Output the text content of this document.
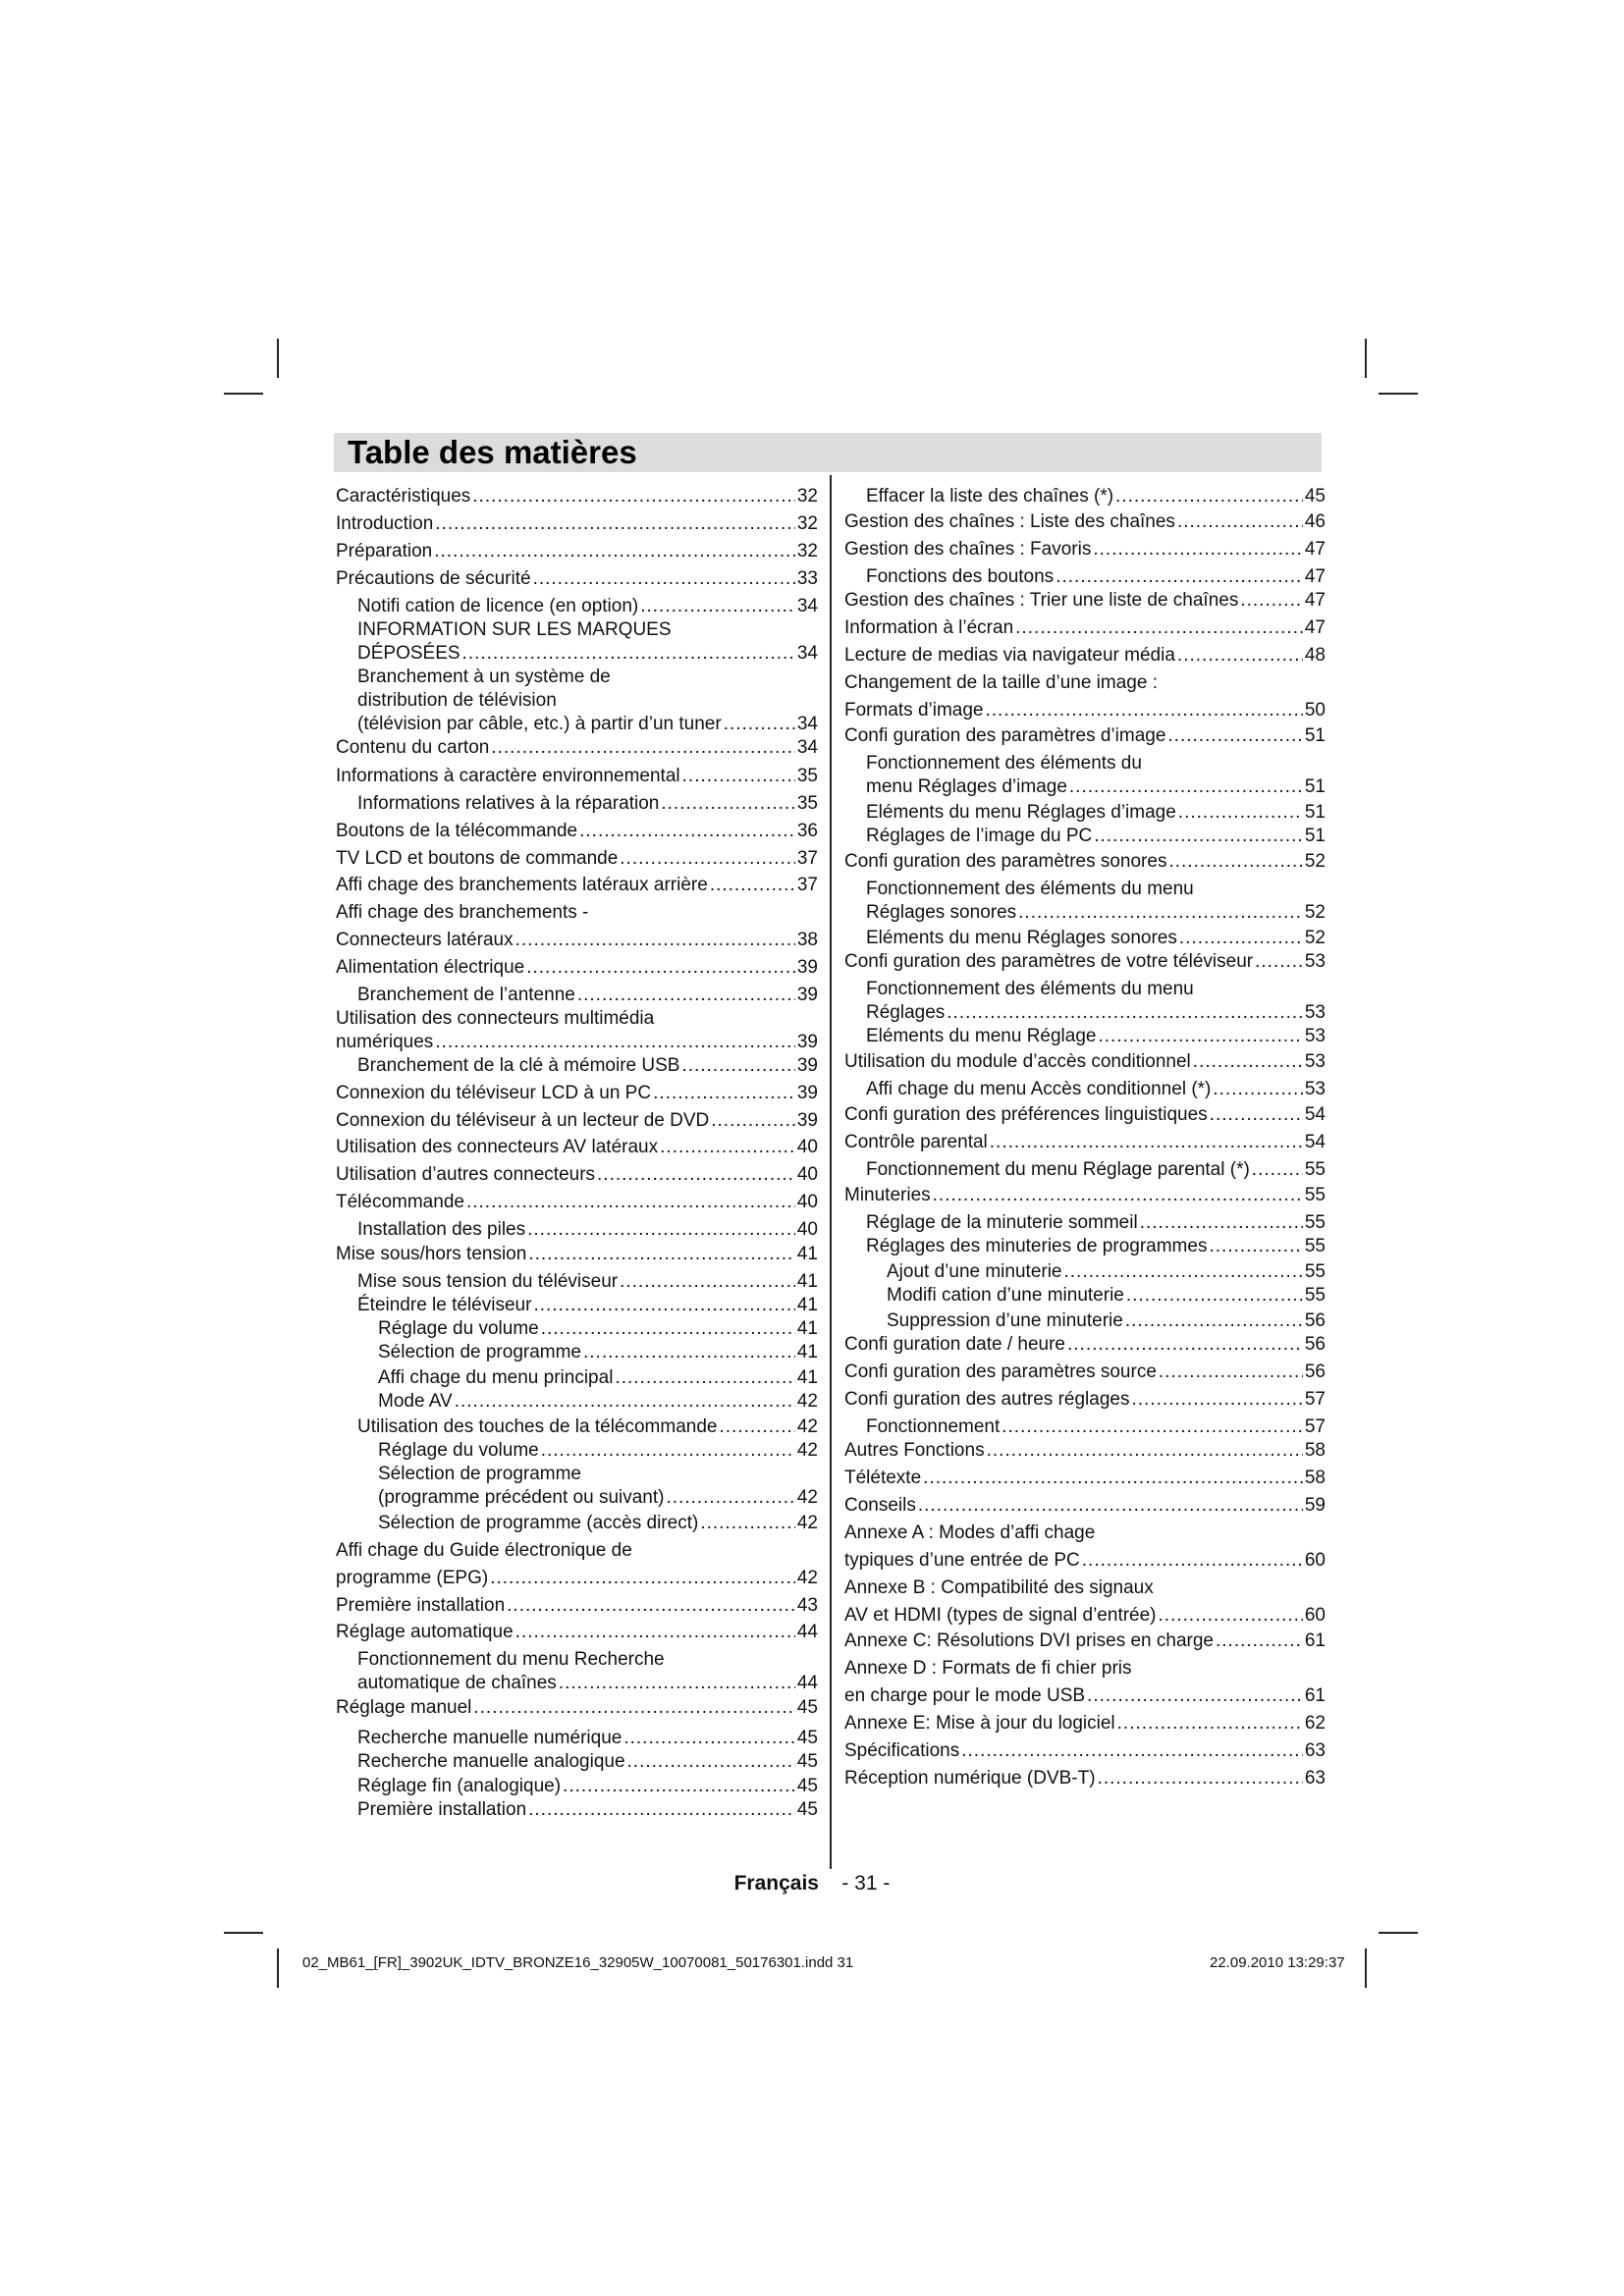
Table des matières
Caractéristiques .....	32
Introduction .....	32
Préparation .....	32
Précautions de sécurité .....	33
Notifi cation de licence (en option) .....	34
INFORMATION SUR LES MARQUES
DÉPOSÉES .....	34
Branchement à un système de
distribution de télévision
(télévision par câble, etc.) à partir d’un tuner .....	34
Contenu du carton .....	34
Informations à caractère environnemental .....	35
Informations relatives à la réparation .....	35
Boutons de la télécommande .....	36
TV LCD et boutons de commande .....	37
Affi chage des branchements latéraux arrière .....	37
Affi chage des branchements -
Connecteurs latéraux .....	38
Alimentation électrique .....	39
Branchement de l’antenne .....	39
Utilisation des connecteurs multimédia
numériques .....	39
Branchement de la clé à mémoire USB .....	39
Connexion du téléviseur LCD à un PC .....	39
Connexion du téléviseur à un lecteur de DVD .....	39
Utilisation des connecteurs AV latéraux .....	40
Utilisation d’autres connecteurs .....	40
Télécommande .....	40
Installation des piles .....	40
Mise sous/hors tension .....	41
Mise sous tension du téléviseur .....	41
Éteindre le téléviseur .....	41
Réglage du volume .....	41
Sélection de programme .....	41
Affi chage du menu principal .....	41
Mode AV .....	42
Utilisation des touches de la télécommande .....	42
Réglage du volume .....	42
Sélection de programme
(programme précédent ou suivant) .....	42
Sélection de programme (accès direct) .....	42
Affi chage du Guide électronique de
programme (EPG) .....	42
Première installation .....	43
Réglage automatique .....	44
Fonctionnement du menu Recherche
automatique de chaînes .....	44
Réglage manuel .....	45
Recherche manuelle numérique .....	45
Recherche manuelle analogique .....	45
Réglage fin (analogique) .....	45
Première installation .....	45
Effacer la liste des chaînes (*) .....	45
Gestion des chaînes : Liste des chaînes .....	46
Gestion des chaînes : Favoris .....	47
Fonctions des boutons .....	47
Gestion des chaînes : Trier une liste de chaînes .....	47
Information à l’écran .....	47
Lecture de medias via navigateur média .....	48
Changement de la taille d’une image :
Formats d’image .....	50
Confi guration des paramètres d’image .....	51
Fonctionnement des éléments du
menu Réglages d’image .....	51
Eléments du menu Réglages d’image .....	51
Réglages de l’image du PC .....	51
Confi guration des paramètres sonores .....	52
Fonctionnement des éléments du menu
Réglages sonores .....	52
Eléments du menu Réglages sonores .....	52
Confi guration des paramètres de votre téléviseur .....	53
Fonctionnement des éléments du menu
Réglages .....	53
Eléments du menu Réglage .....	53
Utilisation du module d’accès conditionnel .....	53
Affi chage du menu Accès conditionnel (*) .....	53
Confi guration des préférences linguistiques .....	54
Contrôle parental .....	54
Fonctionnement du menu Réglage parental (*) .....	55
Minuteries .....	55
Réglage de la minuterie sommeil .....	55
Réglages des minuteries de programmes .....	55
Ajout d’une minuterie .....	55
Modifi cation d’une minuterie .....	55
Suppression d’une minuterie .....	56
Confi guration date / heure .....	56
Confi guration des paramètres source .....	56
Confi guration des autres réglages .....	57
Fonctionnement .....	57
Autres Fonctions .....	58
Télétexte .....	58
Conseils .....	59
Annexe A : Modes d’affi chage
typiques d’une entrée de PC .....	60
Annexe B : Compatibilité des signaux
AV et HDMI (types de signal d’entrée) .....	60
Annexe C: Résolutions DVI prises en charge .....	61
Annexe D : Formats de fi chier pris
en charge pour le mode USB .....	61
Annexe E: Mise à jour du logiciel .....	62
Spécifications .....	63
Réception numérique (DVB-T) .....	63
Français - 31 -
02_MB61_[FR]_3902UK_IDTV_BRONZE16_32905W_10070081_50176301.indd 31	22.09.2010 13:29:37
